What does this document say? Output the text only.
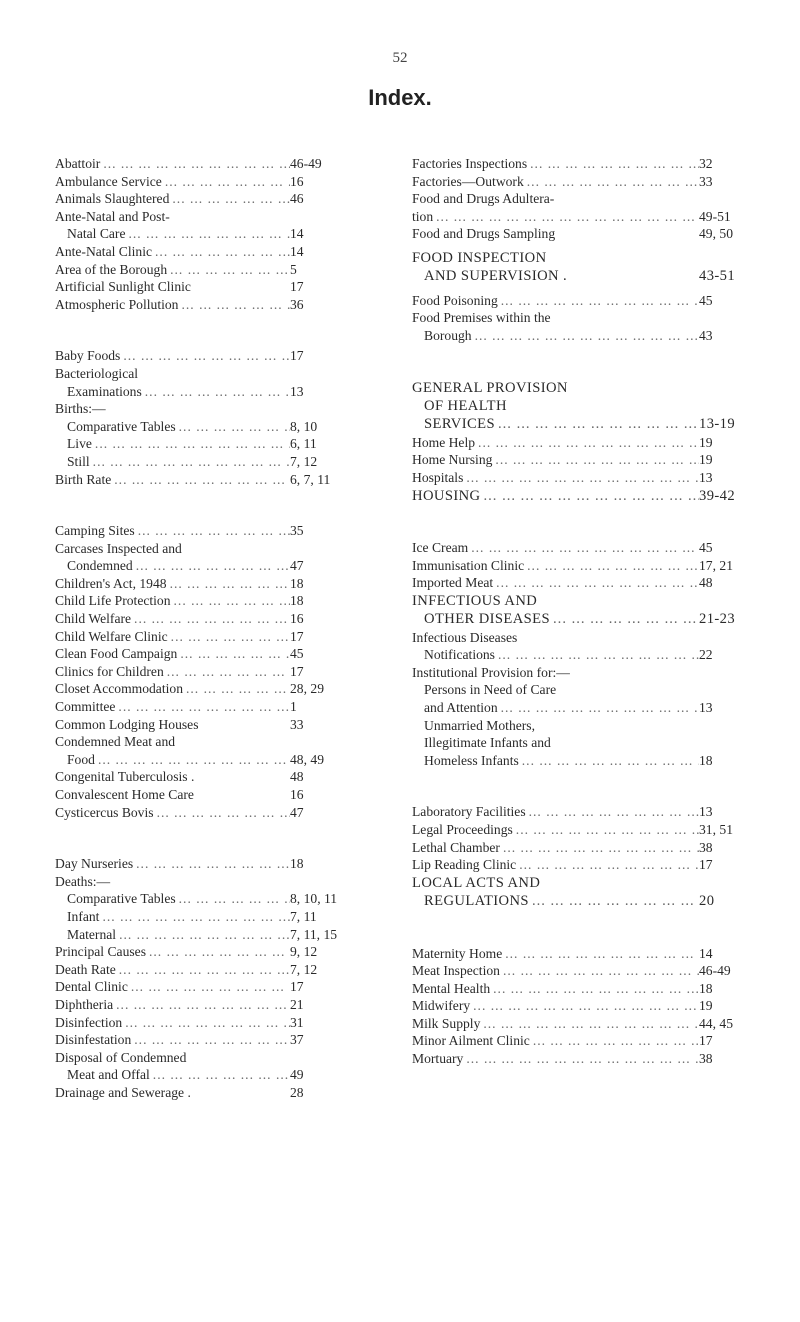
52
Index.
Abattoir ... .	46-49
Ambulance Service ... .	16
Animals Slaughtered ... .	46
Ante-Natal and Post-
Natal Care ... .	14
Ante-Natal Clinic ... .	14
Area of the Borough ... .	5
Artificial Sunlight Clinic	17
Atmospheric Pollution ... .	36
Baby Foods ... .	17
Bacteriological
Examinations ... .	13
Births:—
Comparative Tables ... .	8, 10
Live ... .	6, 11
Still ... .	7, 12
Birth Rate ... .	6, 7, 11
Camping Sites ... .	35
Carcases Inspected and
Condemned ... .	47
Children's Act, 1948 ... .	18
Child Life Protection ... .	18
Child Welfare ... .	16
Child Welfare Clinic ... .	17
Clean Food Campaign ... .	45
Clinics for Children ... .	17
Closet Accommodation ... .	28, 29
Committee ... .	1
Common Lodging Houses	33
Condemned Meat and
Food ... .	48, 49
Congenital Tuberculosis .	48
Convalescent Home Care	16
Cysticercus Bovis ... .	47
Day Nurseries ... .	18
Deaths:—
Comparative Tables ... .	8, 10, 11
Infant ... .	7, 11
Maternal ... .	7, 11, 15
Principal Causes ... .	9, 12
Death Rate ... .	7, 12
Dental Clinic ... .	17
Diphtheria ... .	21
Disinfection ... .	31
Disinfestation ... .	37
Disposal of Condemned
Meat and Offal ... .	49
Drainage and Sewerage .	28
Factories Inspections ... .	32
Factories—Outwork ... .	33
Food and Drugs Adultera-
tion ... .	49-51
Food and Drugs Sampling	49, 50
FOOD INSPECTION
AND SUPERVISION .	43-51
Food Poisoning ... .	45
Food Premises within the
Borough ... .	43
GENERAL PROVISION
OF HEALTH
SERVICES ... .	13-19
Home Help ... .	19
Home Nursing ... .	19
Hospitals ... .	13
HOUSING ... .	39-42
Ice Cream ... .	45
Immunisation Clinic ... .	17, 21
Imported Meat ... .	48
INFECTIOUS AND
OTHER DISEASES ... .	21-23
Infectious Diseases
Notifications ... .	22
Institutional Provision for:—
Persons in Need of Care
and Attention ... .	13
Unmarried Mothers,
Illegitimate Infants and
Homeless Infants ... .	18
Laboratory Facilities ... .	13
Legal Proceedings ... .	31, 51
Lethal Chamber ... .	38
Lip Reading Clinic ... .	17
LOCAL ACTS AND
REGULATIONS ... .	20
Maternity Home ... .	14
Meat Inspection ... .	46-49
Mental Health ... .	18
Midwifery ... .	19
Milk Supply ... .	44, 45
Minor Ailment Clinic ... .	17
Mortuary ... .	38
